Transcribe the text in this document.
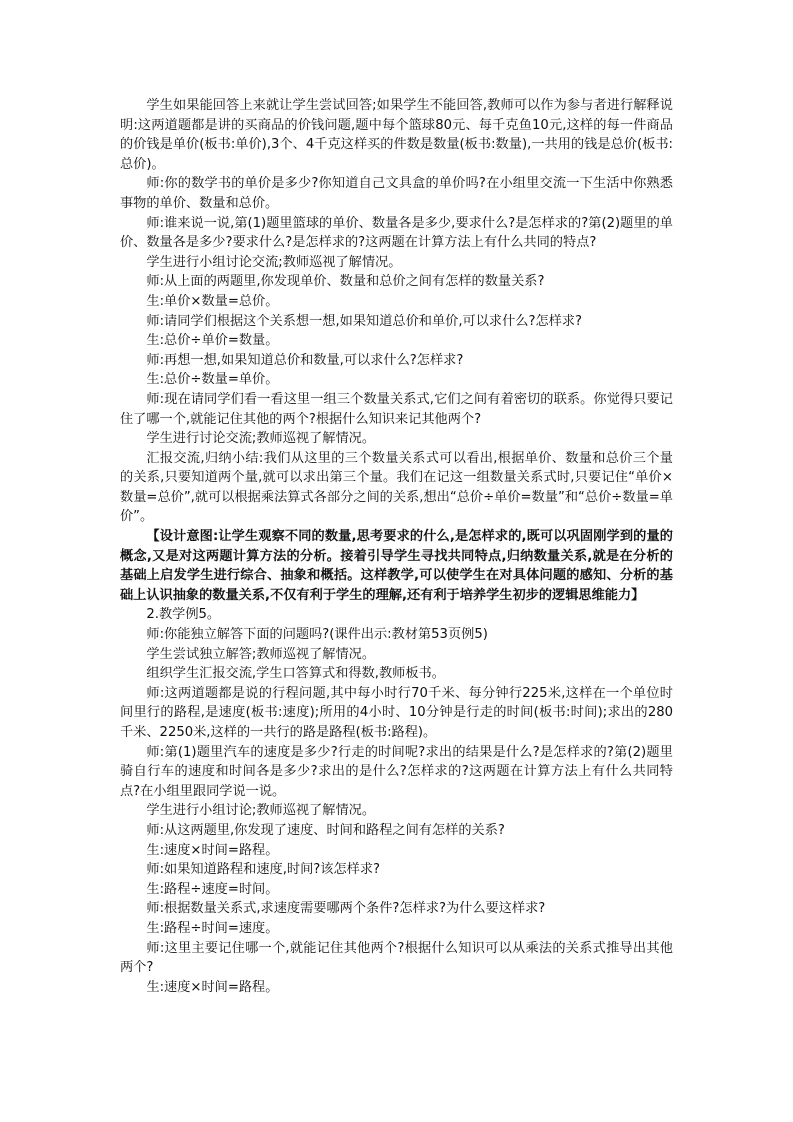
学生如果能回答上来就让学生尝试回答;如果学生不能回答,教师可以作为参与者进行解释说明:这两道题都是讲的买商品的价钱问题,题中每个篮球80元、每千克鱼10元,这样的每一件商品的价钱是单价(板书:单价),3个、4千克这样买的件数是数量(板书:数量),一共用的钱是总价(板书:总价)。

师:你的数学书的单价是多少?你知道自己文具盒的单价吗?在小组里交流一下生活中你熟悉事物的单价、数量和总价。

师:谁来说一说,第(1)题里篮球的单价、数量各是多少,要求什么?是怎样求的?第(2)题里的单价、数量各是多少?要求什么?是怎样求的?这两题在计算方法上有什么共同的特点?

学生进行小组讨论交流;教师巡视了解情况。

师:从上面的两题里,你发现单价、数量和总价之间有怎样的数量关系?

生:单价×数量=总价。

师:请同学们根据这个关系想一想,如果知道总价和单价,可以求什么?怎样求?

生:总价÷单价=数量。

师:再想一想,如果知道总价和数量,可以求什么?怎样求?

生:总价÷数量=单价。

师:现在请同学们看一看这里一组三个数量关系式,它们之间有着密切的联系。你觉得只要记住了哪一个,就能记住其他的两个?根据什么知识来记其他两个?

学生进行讨论交流;教师巡视了解情况。

汇报交流,归纳小结:我们从这里的三个数量关系式可以看出,根据单价、数量和总价三个量的关系,只要知道两个量,就可以求出第三个量。我们在记这一组数量关系式时,只要记住“单价×数量=总价”,就可以根据乘法算式各部分之间的关系,想出“总价÷单价=数量”和“总价÷数量=单价”。

【设计意图:让学生观察不同的数量,思考要求的什么,是怎样求的,既可以巩固刚学到的量的概念,又是对这两题计算方法的分析。接着引导学生寻找共同特点,归纳数量关系,就是在分析的基础上启发学生进行综合、抽象和概括。这样教学,可以使学生在对具体问题的感知、分析的基础上认识抽象的数量关系,不仅有利于学生的理解,还有利于培养学生初步的逻辑思维能力】

2.教学例5。

师:你能独立解答下面的问题吗?(课件出示:教材第53页例5)

学生尝试独立解答;教师巡视了解情况。

组织学生汇报交流,学生口答算式和得数,教师板书。

师:这两道题都是说的行程问题,其中每小时行70千米、每分钟行225米,这样在一个单位时间里行的路程,是速度(板书:速度);所用的4小时、10分钟是行走的时间(板书:时间);求出的280千米、2250米,这样的一共行的路是路程(板书:路程)。

师:第(1)题里汽车的速度是多少?行走的时间呢?求出的结果是什么?是怎样求的?第(2)题里骑自行车的速度和时间各是多少?求出的是什么?怎样求的?这两题在计算方法上有什么共同特点?在小组里跟同学说一说。

学生进行小组讨论;教师巡视了解情况。

师:从这两题里,你发现了速度、时间和路程之间有怎样的关系?

生:速度×时间=路程。

师:如果知道路程和速度,时间?该怎样求?

生:路程÷速度=时间。

师:根据数量关系式,求速度需要哪两个条件?怎样求?为什么要这样求?

生:路程÷时间=速度。

师:这里主要记住哪一个,就能记住其他两个?根据什么知识可以从乘法的关系式推导出其他两个?

生:速度×时间=路程。
